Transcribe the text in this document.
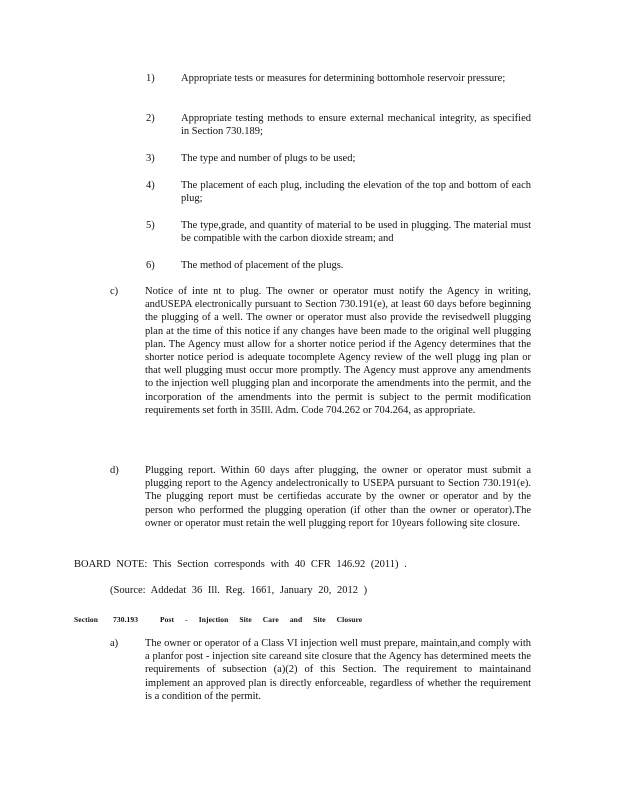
1)	Appropriate tests or measures for determining bottomhole reservoir pressure;
2)	Appropriate testing methods to ensure external mechanical integrity, as specified in Section 730.189;
3)	The type and number of plugs to be used;
4)	The placement of each plug, including the elevation of the top and bottom of each plug;
5)	The type,grade, and quantity of material to be used in plugging. The material must be compatible with the carbon dioxide stream; and
6)	The method of placement of the plugs.
c)	Notice of inte nt to plug. The owner or operator must notify the Agency in writing, andUSEPA electronically pursuant to Section 730.191(e), at least 60 days before beginning the plugging of a well. The owner or operator must also provide the revisedwell plugging plan at the time of this notice if any changes have been made to the original well plugging plan. The Agency must allow for a shorter notice period if the Agency determines that the shorter notice period is adequate tocomplete Agency review of the well plugg ing plan or that well plugging must occur more promptly. The Agency must approve any amendments to the injection well plugging plan and incorporate the amendments into the permit, and the incorporation of the amendments into the permit is subject to the permit modification requirements set forth in 35Ill. Adm. Code 704.262 or 704.264, as appropriate.
d)	Plugging report. Within 60 days after plugging, the owner or operator must submit a plugging report to the Agency andelectronically to USEPA pursuant to Section 730.191(e). The plugging report must be certifiedas accurate by the owner or operator and by the person who performed the plugging operation (if other than the owner or operator).The owner or operator must retain the well plugging report for 10years following site closure.
BOARD NOTE: This Section corresponds with 40 CFR 146.92 (2011) .
(Source: Addedat 36 Ill. Reg. 1661, January 20, 2012 )
Section 730.193	Post - Injection Site Care and Site Closure
a)	The owner or operator of a Class VI injection well must prepare, maintain,and comply with a planfor post - injection site careand site closure that the Agency has determined meets the requirements of subsection (a)(2) of this Section. The requirement to maintainand implement an approved plan is directly enforceable, regardless of whether the requirement is a condition of the permit.
